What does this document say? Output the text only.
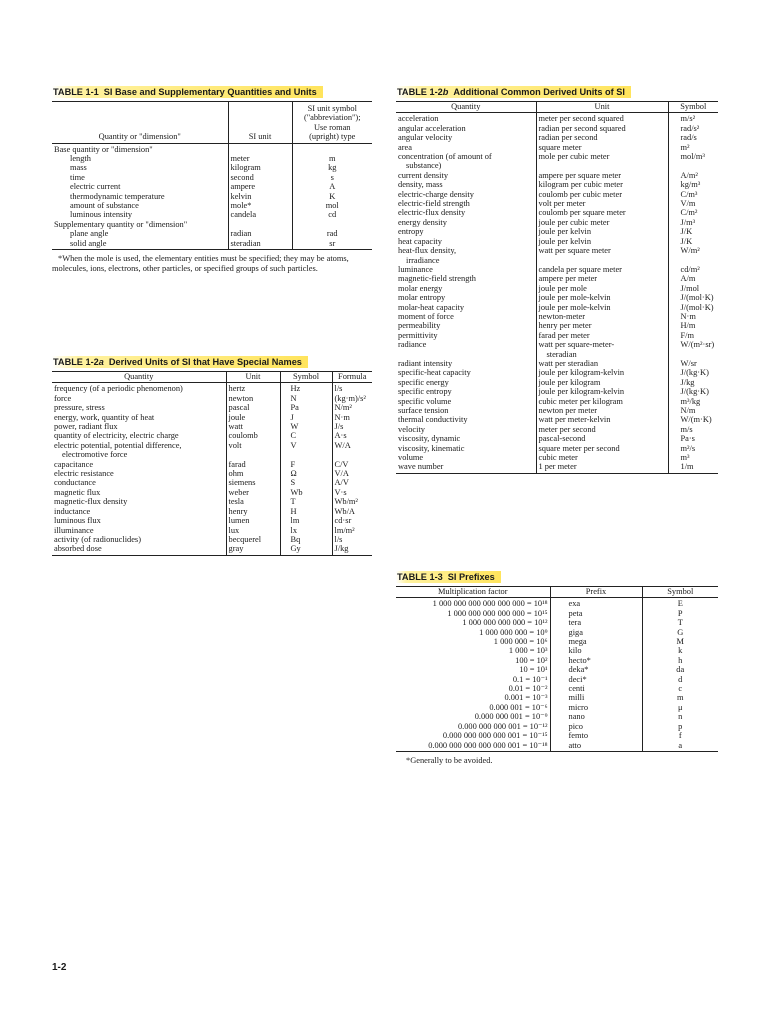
TABLE 1-1 SI Base and Supplementary Quantities and Units
Quantity or "dimension"	SI unit	SI unit symbol ("abbreviation"); Use roman (upright) type
Base quantity or "dimension"		
length	meter	m
mass	kilogram	kg
time	second	s
electric current	ampere	A
thermodynamic temperature	kelvin	K
amount of substance	mole*	mol
luminous intensity	candela	cd
Supplementary quantity or "dimension"		
plane angle	radian	rad
solid angle	steradian	sr
*When the mole is used, the elementary entities must be specified; they may be atoms, molecules, ions, electrons, other particles, or specified groups of such particles.
TABLE 1-2a Derived Units of SI that Have Special Names
Quantity	Unit	Symbol	Formula
frequency (of a periodic phenomenon)	hertz	Hz	l/s
force	newton	N	(kg·m)/s²
pressure, stress	pascal	Pa	N/m²
energy, work, quantity of heat	joule	J	N·m
power, radiant flux	watt	W	J/s
quantity of electricity, electric charge	coulomb	C	A·s
electric potential, potential difference,	volt	V	W/A
electromotive force			
capacitance	farad	F	C/V
electric resistance	ohm	Ω	V/A
conductance	siemens	S	A/V
magnetic flux	weber	Wb	V·s
magnetic-flux density	tesla	T	Wb/m²
inductance	henry	H	Wb/A
luminous flux	lumen	lm	cd·sr
illuminance	lux	lx	lm/m²
activity (of radionuclides)	becquerel	Bq	l/s
absorbed dose	gray	Gy	J/kg
TABLE 1-2b Additional Common Derived Units of SI
Quantity	Unit	Symbol
acceleration	meter per second squared	m/s²
angular acceleration	radian per second squared	rad/s²
angular velocity	radian per second	rad/s
area	square meter	m²
concentration (of amount of	mole per cubic meter	mol/m³
substance)		
current density	ampere per square meter	A/m²
density, mass	kilogram per cubic meter	kg/m³
electric-charge density	coulomb per cubic meter	C/m³
electric-field strength	volt per meter	V/m
electric-flux density	coulomb per square meter	C/m²
energy density	joule per cubic meter	J/m³
entropy	joule per kelvin	J/K
heat capacity	joule per kelvin	J/K
heat-flux density,	watt per square meter	W/m²
irradiance		
luminance	candela per square meter	cd/m²
magnetic-field strength	ampere per meter	A/m
molar energy	joule per mole	J/mol
molar entropy	joule per mole-kelvin	J/(mol·K)
molar-heat capacity	joule per mole-kelvin	J/(mol·K)
moment of force	newton-meter	N·m
permeability	henry per meter	H/m
permittivity	farad per meter	F/m
radiance	watt per square-meter-	W/(m²·sr)
	steradian	
radiant intensity	watt per steradian	W/sr
specific-heat capacity	joule per kilogram-kelvin	J/(kg·K)
specific energy	joule per kilogram	J/kg
specific entropy	joule per kilogram-kelvin	J/(kg·K)
specific volume	cubic meter per kilogram	m³/kg
surface tension	newton per meter	N/m
thermal conductivity	watt per meter-kelvin	W/(m·K)
velocity	meter per second	m/s
viscosity, dynamic	pascal-second	Pa·s
viscosity, kinematic	square meter per second	m²/s
volume	cubic meter	m³
wave number	1 per meter	1/m
TABLE 1-3 SI Prefixes
Multiplication factor	Prefix	Symbol
1 000 000 000 000 000 000 = 10¹⁸	exa	E
1 000 000 000 000 000 = 10¹⁵	peta	P
1 000 000 000 000 = 10¹²	tera	T
1 000 000 000 = 10⁹	giga	G
1 000 000 = 10⁶	mega	M
1 000 = 10³	kilo	k
100 = 10²	hecto*	h
10 = 10¹	deka*	da
0.1 = 10⁻¹	deci*	d
0.01 = 10⁻²	centi	c
0.001 = 10⁻³	milli	m
0.000 001 = 10⁻⁶	micro	μ
0.000 000 001 = 10⁻⁹	nano	n
0.000 000 000 001 = 10⁻¹²	pico	p
0.000 000 000 000 001 = 10⁻¹⁵	femto	f
0.000 000 000 000 000 001 = 10⁻¹⁸	atto	a
*Generally to be avoided.
1-2
